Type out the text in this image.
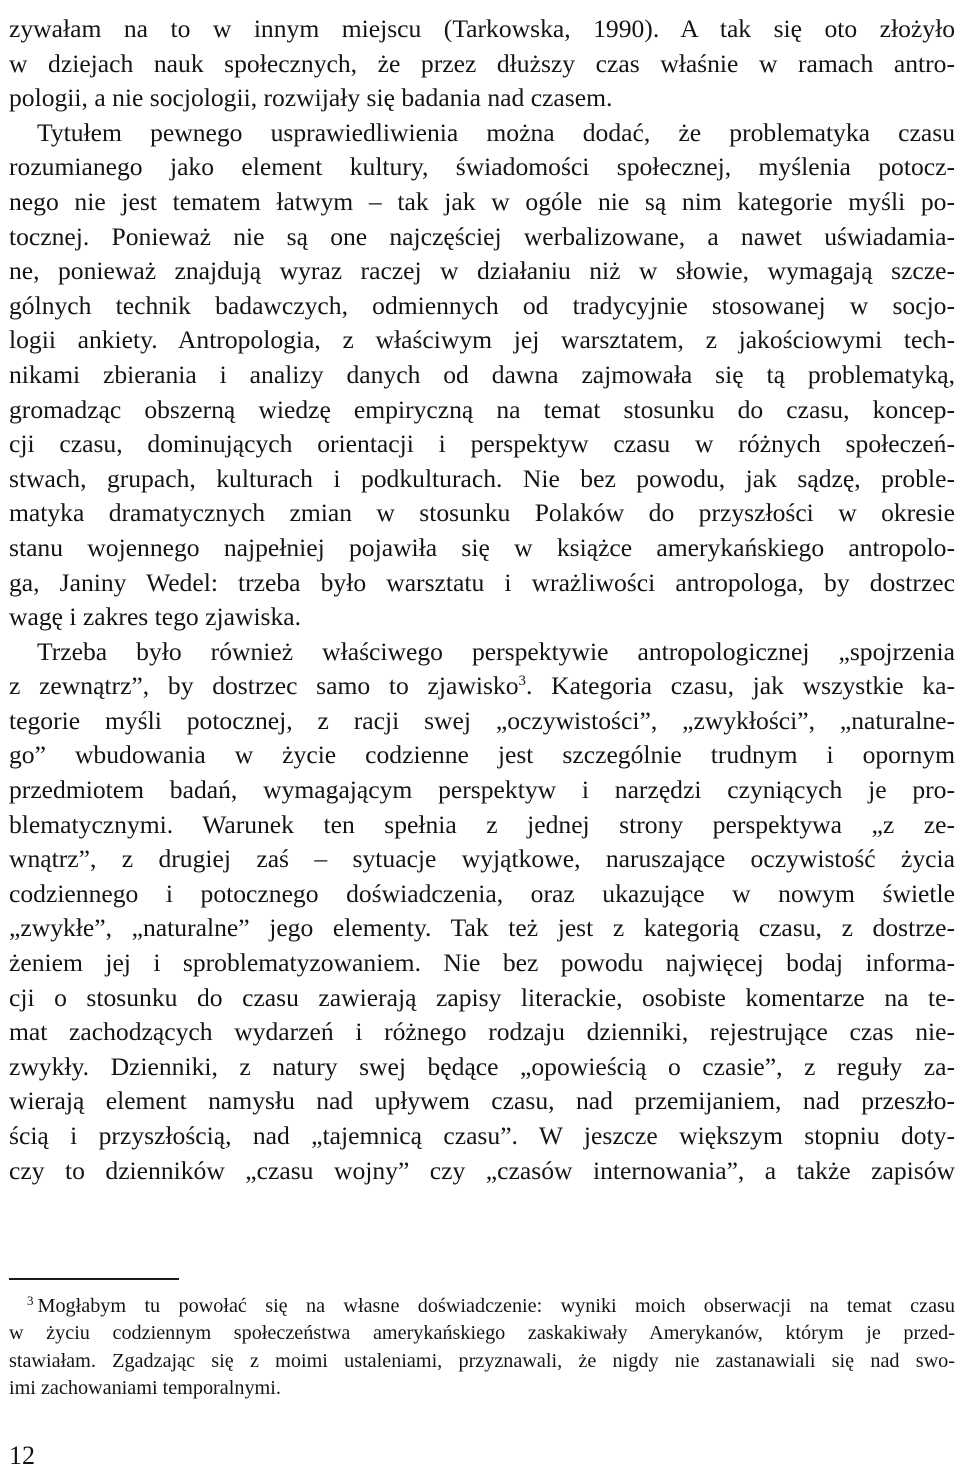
zywałam na to w innym miejscu (Tarkowska, 1990). A tak się oto złożyło
w dziejach nauk społecznych, że przez dłuższy czas właśnie w ramach antro-
pologii, a nie socjologii, rozwijały się badania nad czasem.
Tytułem pewnego usprawiedliwienia można dodać, że problematyka czasu
rozumianego jako element kultury, świadomości społecznej, myślenia potocz-
nego nie jest tematem łatwym – tak jak w ogóle nie są nim kategorie myśli po-
tocznej. Ponieważ nie są one najczęściej werbalizowane, a nawet uświadamia-
ne, ponieważ znajdują wyraz raczej w działaniu niż w słowie, wymagają szcze-
gólnych technik badawczych, odmiennych od tradycyjnie stosowanej w socjo-
logii ankiety. Antropologia, z właściwym jej warsztatem, z jakościowymi tech-
nikami zbierania i analizy danych od dawna zajmowała się tą problematyką,
gromadząc obszerną wiedzę empiryczną na temat stosunku do czasu, koncep-
cji czasu, dominujących orientacji i perspektyw czasu w różnych społeczeń-
stwach, grupach, kulturach i podkulturach. Nie bez powodu, jak sądzę, proble-
matyka dramatycznych zmian w stosunku Polaków do przyszłości w okresie
stanu wojennego najpełniej pojawiła się w książce amerykańskiego antropolo-
ga, Janiny Wedel: trzeba było warsztatu i wrażliwości antropologa, by dostrzec
wagę i zakres tego zjawiska.
Trzeba było również właściwego perspektywie antropologicznej „spojrzenia
z zewnątrz”, by dostrzec samo to zjawisko$^3$. Kategoria czasu, jak wszystkie ka-
tegorie myśli potocznej, z racji swej „oczywistości”, „zwykłości”, „naturalne-
go” wbudowania w życie codzienne jest szczególnie trudnym i opornym
przedmiotem badań, wymagającym perspektyw i narzędzi czyniących je pro-
blematycznymi. Warunek ten spełnia z jednej strony perspektywa „z ze-
wnątrz”, z drugiej zaś – sytuacje wyjątkowe, naruszające oczywistość życia
codziennego i potocznego doświadczenia, oraz ukazujące w nowym świetle
„zwykłe”, „naturalne” jego elementy. Tak też jest z kategorią czasu, z dostrze-
żeniem jej i sproblematyzowaniem. Nie bez powodu najwięcej bodaj informa-
cji o stosunku do czasu zawierają zapisy literackie, osobiste komentarze na te-
mat zachodzących wydarzeń i różnego rodzaju dzienniki, rejestrujące czas nie-
zwykły. Dzienniki, z natury swej będące „opowieścią o czasie”, z reguły za-
wierają element namysłu nad upływem czasu, nad przemijaniem, nad przeszło-
ścią i przyszłością, nad „tajemnicą czasu”. W jeszcze większym stopniu doty-
czy to dzienników „czasu wojny” czy „czasów internowania”, a także zapisów
$^3$ Mogłabym tu powołać się na własne doświadczenie: wyniki moich obserwacji na temat czasu
w życiu codziennym społeczeństwa amerykańskiego zaskakiwały Amerykanów, którym je przed-
stawiałam. Zgadzając się z moimi ustaleniami, przyznawali, że nigdy nie zastanawiali się nad swo-
imi zachowaniami temporalnymi.
12
